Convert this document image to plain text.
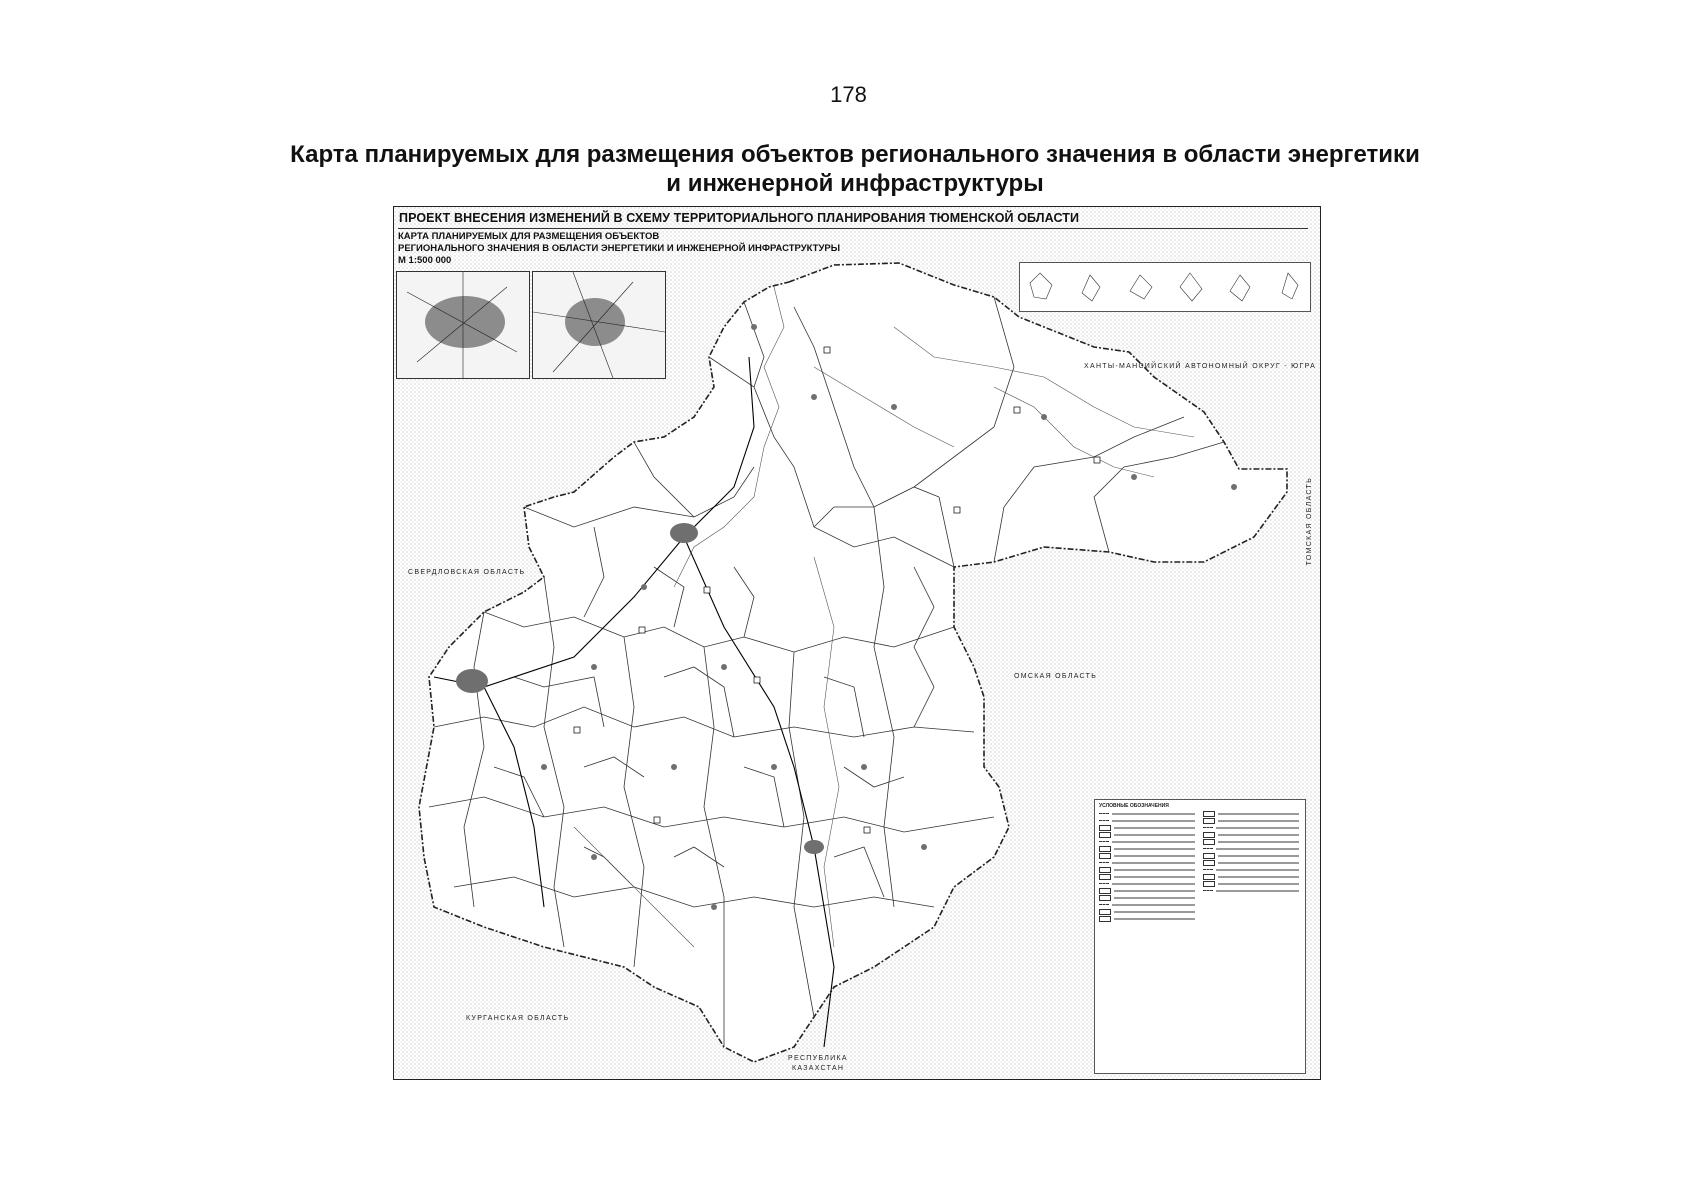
178
Карта планируемых для размещения объектов регионального значения в области энергетики
и инженерной инфраструктуры
ПРОЕКТ ВНЕСЕНИЯ ИЗМЕНЕНИЙ В СХЕМУ ТЕРРИТОРИАЛЬНОГО ПЛАНИРОВАНИЯ ТЮМЕНСКОЙ ОБЛАСТИ
КАРТА ПЛАНИРУЕМЫХ ДЛЯ РАЗМЕЩЕНИЯ ОБЪЕКТОВ
РЕГИОНАЛЬНОГО ЗНАЧЕНИЯ В ОБЛАСТИ ЭНЕРГЕТИКИ И ИНЖЕНЕРНОЙ ИНФРАСТРУКТУРЫ
М 1:500 000
ХАНТЫ-МАНСИЙСКИЙ АВТОНОМНЫЙ ОКРУГ - ЮГРА
СВЕРДЛОВСКАЯ ОБЛАСТЬ
ОМСКАЯ ОБЛАСТЬ
ТОМСКАЯ ОБЛАСТЬ
КУРГАНСКАЯ ОБЛАСТЬ
РЕСПУБЛИКА
КАЗАХСТАН
УСЛОВНЫЕ ОБОЗНАЧЕНИЯ
